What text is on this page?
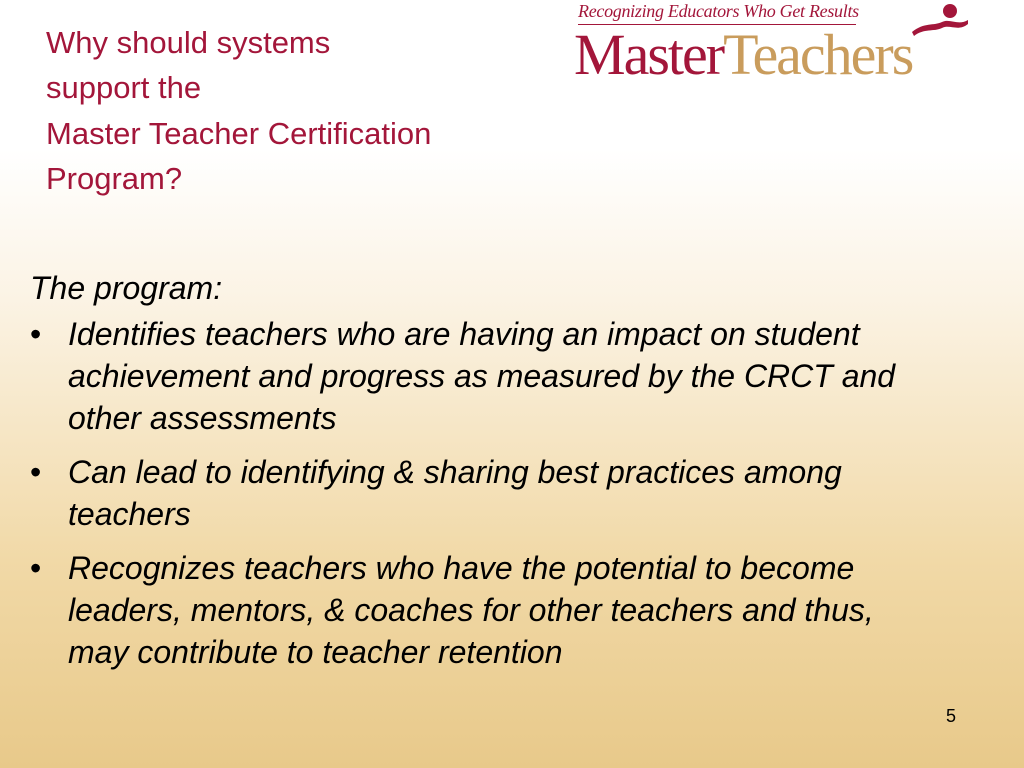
Why should systems
support the
Master Teacher Certification
Program?
Recognizing Educators Who Get Results
MasterTeachers
The program:
• Identifies teachers who are having an impact on student achievement and progress as measured by the CRCT and other assessments
• Can lead to identifying & sharing best practices among teachers
• Recognizes teachers who have the potential to become leaders, mentors, & coaches for other teachers and thus, may contribute to teacher retention
5
